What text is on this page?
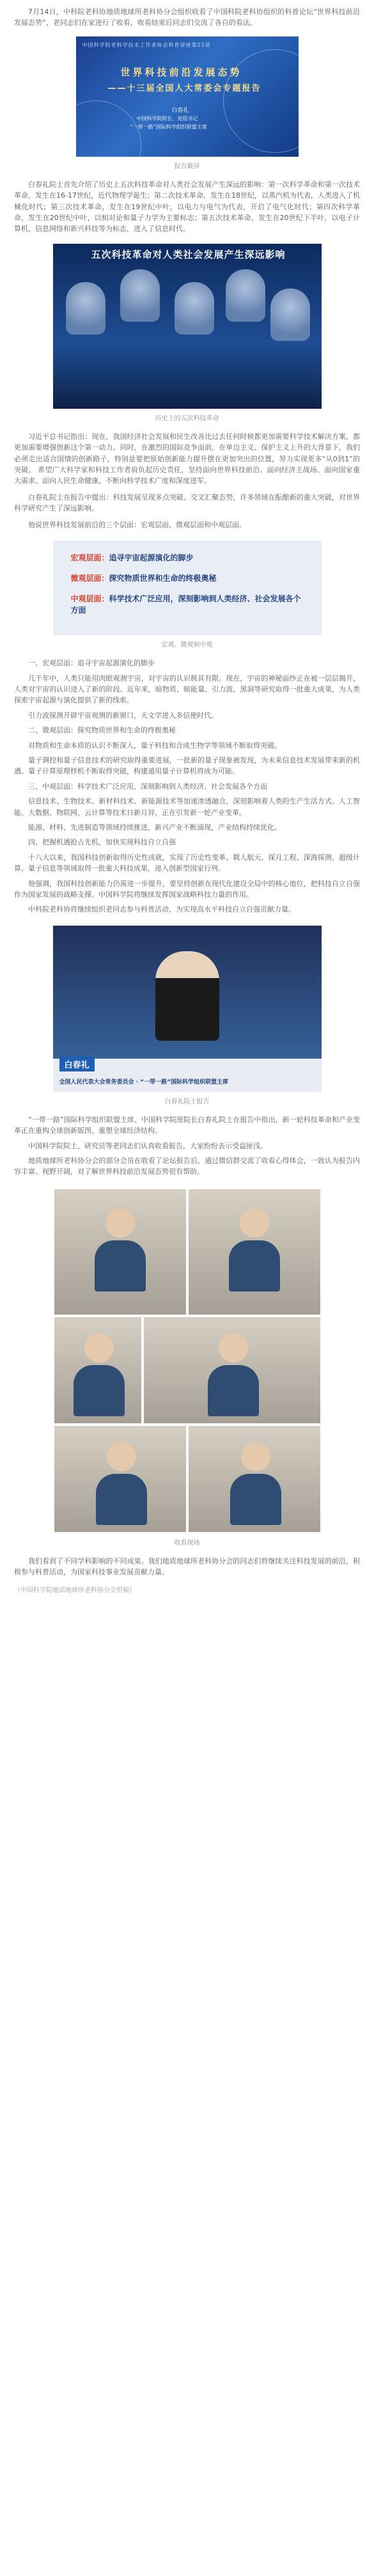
7月14日，中科院老科协地质地球所老科协分会组织收看了中国科院老科协组织的科普论坛“世界科技前沿发展态势”，老同志们在家进行了收看，收看结束后同志们交流了各自的看法。

中国科学院老科学技术工作者协会科普讲座第21讲
世界科技前沿发展态势
——十三届全国人大常委会专题报告
白春礼
中国科学院院长、党组书记
“一带一路”国际科学组织联盟主席
报告截屏

白春礼院士首先介绍了历史上五次科技革命对人类社会发展产生深远的影响：第一次科学革命和第一次技术革命，发生在16-17世纪，近代物理学诞生；第二次技术革命，发生在18世纪，以蒸汽机为代表，人类进入了机械化时代；第三次技术革命，发生在19世纪中叶，以电力与电气为代表，开启了电气化时代；第四次科学革命，发生在20世纪中叶，以相对论和量子力学为主要标志；第五次技术革命，发生在20世纪下半叶，以电子计算机、信息网络和新兴科技等为标志，进入了信息时代。

五次科技革命对人类社会发展产生深远影响
历史上的五次科技革命

习近平总书记指出：现在，我国经济社会发展和民生改善比过去任何时候都更加需要科学技术解决方案，都更加需要增强创新这个第一动力。同时，在激烈的国际竞争面前，在单边主义、保护主义上升的大背景下，我们必须走出适合国情的创新路子，特别是要把原始创新能力提升摆在更加突出的位置，努力实现更多“从0到1”的突破。 希望广大科学家和科技工作者肩负起历史责任，坚持面向世界科技前沿、面向经济主战场、面向国家重大需求、面向人民生命健康，不断向科学技术广度和深度进军。

白春礼院士在报告中提出：科技发展呈现多点突破、交叉汇聚态势，许多领域在酝酿新的重大突破，对世界科学研究产生了深远影响。

他说世界科技发展前沿的三个层面：宏观层面、微观层面和中观层面。

宏观层面：追寻宇宙起源演化的脚步
微观层面：探究物质世界和生命的终极奥秘
中观层面：科学技术广泛应用，深刻影响到人类经济、社会发展各个方面
宏观、微观和中观

一、宏观层面：追寻宇宙起源演化的脚步

几千年中，人类只能用肉眼观测宇宙，对宇宙的认识极其有限。现在，宇宙的神秘面纱正在被一层层揭开，人类对宇宙的认识进入了新的阶段。近年来，暗物质、暗能量、引力波、黑洞等研究取得一批重大成果，为人类探索宇宙起源与演化提供了新的线索。

引力波探测开辟宇宙观测的新窗口，天文学进入多信使时代。

二、微观层面：探究物质世界和生命的终极奥秘

对物质和生命本质的认识不断深入，量子科技和合成生物学等领域不断取得突破。

量子调控和量子信息技术的研究取得重要进展，一批新的量子现象被发现，为未来信息技术发展带来新的机遇。量子计算原理样机不断取得突破，构建通用量子计算机将成为可能。

三、中观层面：科学技术广泛应用，深刻影响到人类经济、社会发展各个方面

信息技术、生物技术、新材料技术、新能源技术等加速渗透融合，深刻影响着人类的生产生活方式。人工智能、大数据、物联网、云计算等技术日新月异，正在引发新一轮产业变革。

能源、材料、先进制造等领域持续推进，新兴产业不断涌现，产业结构持续优化。

四、把握机遇抢占先机，加快实现科技自立自强

十八大以来，我国科技创新取得历史性成就，实现了历史性变革。载人航天、探月工程、深海探测、超级计算、量子信息等领域取得一批重大科技成果，进入创新型国家行列。

他强调，我国科技创新能力仍需进一步提升，要坚持创新在现代化建设全局中的核心地位，把科技自立自强作为国家发展的战略支撑。中国科学院将继续发挥国家战略科技力量的作用。

中科院老科协将继续组织老同志参与科普活动，为实现高水平科技自立自强贡献力量。

白春礼
全国人民代表大会常务委员会 · “一带一路”国际科学组织联盟主席
白春礼院士报告

“一带一路”国际科学组织联盟主席、中国科学院原院长白春礼院士在报告中指出，新一轮科技革命和产业变革正在重构全球创新版图、重塑全球经济结构。

中国科学院院士、研究员等老同志们认真收看报告，大家纷纷表示受益匪浅。

地质地球所老科协分会的部分会员在收看了论坛报告后，通过微信群交流了收看心得体会，一致认为报告内容丰富、视野开阔，对了解世界科技前沿发展态势很有帮助。

收看现场

我们看到了不同学科影响的不同成果。我们地质地球所老科协分会的同志们将继续关注科技发展的前沿，积极参与科普活动，为国家科技事业发展贡献力量。

（中国科学院地质地球所老科协分会供稿）
